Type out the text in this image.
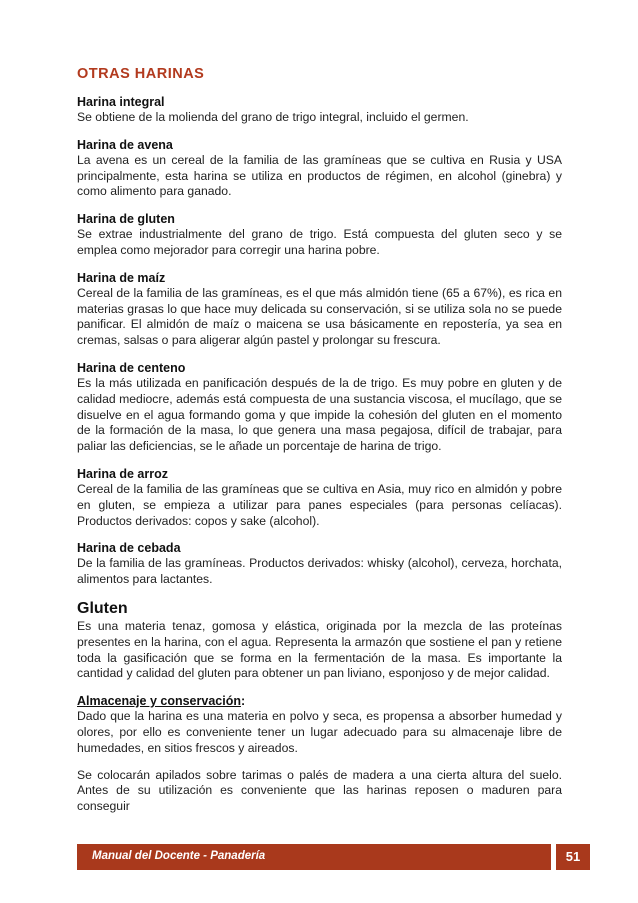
OTRAS HARINAS
Harina integral

Se obtiene de la molienda del grano de trigo integral, incluido el germen.

Harina de avena

La avena es un cereal de la familia de las gramíneas que se cultiva en Rusia y USA principalmente, esta harina se utiliza en productos de régimen, en alcohol (ginebra) y como alimento para ganado.

Harina de gluten

Se extrae industrialmente del grano de trigo. Está compuesta del gluten seco y se emplea como mejorador para corregir una harina pobre.

Harina de maíz

Cereal de la familia de las gramíneas, es el que más almidón tiene (65 a 67%), es rica en materias grasas lo que hace muy delicada su conservación, si se utiliza sola no se puede panificar. El almidón de maíz o maicena se usa básicamente en repostería, ya sea en cremas, salsas o para aligerar algún pastel y prolongar su frescura.

Harina de centeno

Es la más utilizada en panificación después de la de trigo. Es muy pobre en gluten y de calidad mediocre, además está compuesta de una sustancia viscosa, el mucílago, que se disuelve en el agua formando goma y que impide la cohesión del gluten en el momento de la formación de la masa, lo que genera una masa pegajosa, difícil de trabajar, para paliar las deficiencias, se le añade un porcentaje de harina de trigo.

Harina de arroz

Cereal de la familia de las gramíneas que se cultiva en Asia, muy rico en almidón y pobre en gluten, se empieza a utilizar para panes especiales (para personas celíacas). Productos derivados: copos y sake (alcohol).

Harina de cebada

De la familia de las gramíneas. Productos derivados: whisky (alcohol), cerveza, horchata, alimentos para lactantes.

Gluten

Es una materia tenaz, gomosa y elástica, originada por la mezcla de las proteínas presentes en la harina, con el agua. Representa la armazón que sostiene el pan y retiene toda la gasificación que se forma en la fermentación de la masa. Es importante la cantidad y calidad del gluten para obtener un pan liviano, esponjoso y de mejor calidad.

Almacenaje y conservación:

Dado que la harina es una materia en polvo y seca, es propensa a absorber humedad y olores, por ello es conveniente tener un lugar adecuado para su almacenaje libre de humedades, en sitios frescos y aireados.

Se colocarán apilados sobre tarimas o palés de madera a una cierta altura del suelo. Antes de su utilización es conveniente que las harinas reposen o maduren para conseguir

Manual del Docente - Panadería	51
